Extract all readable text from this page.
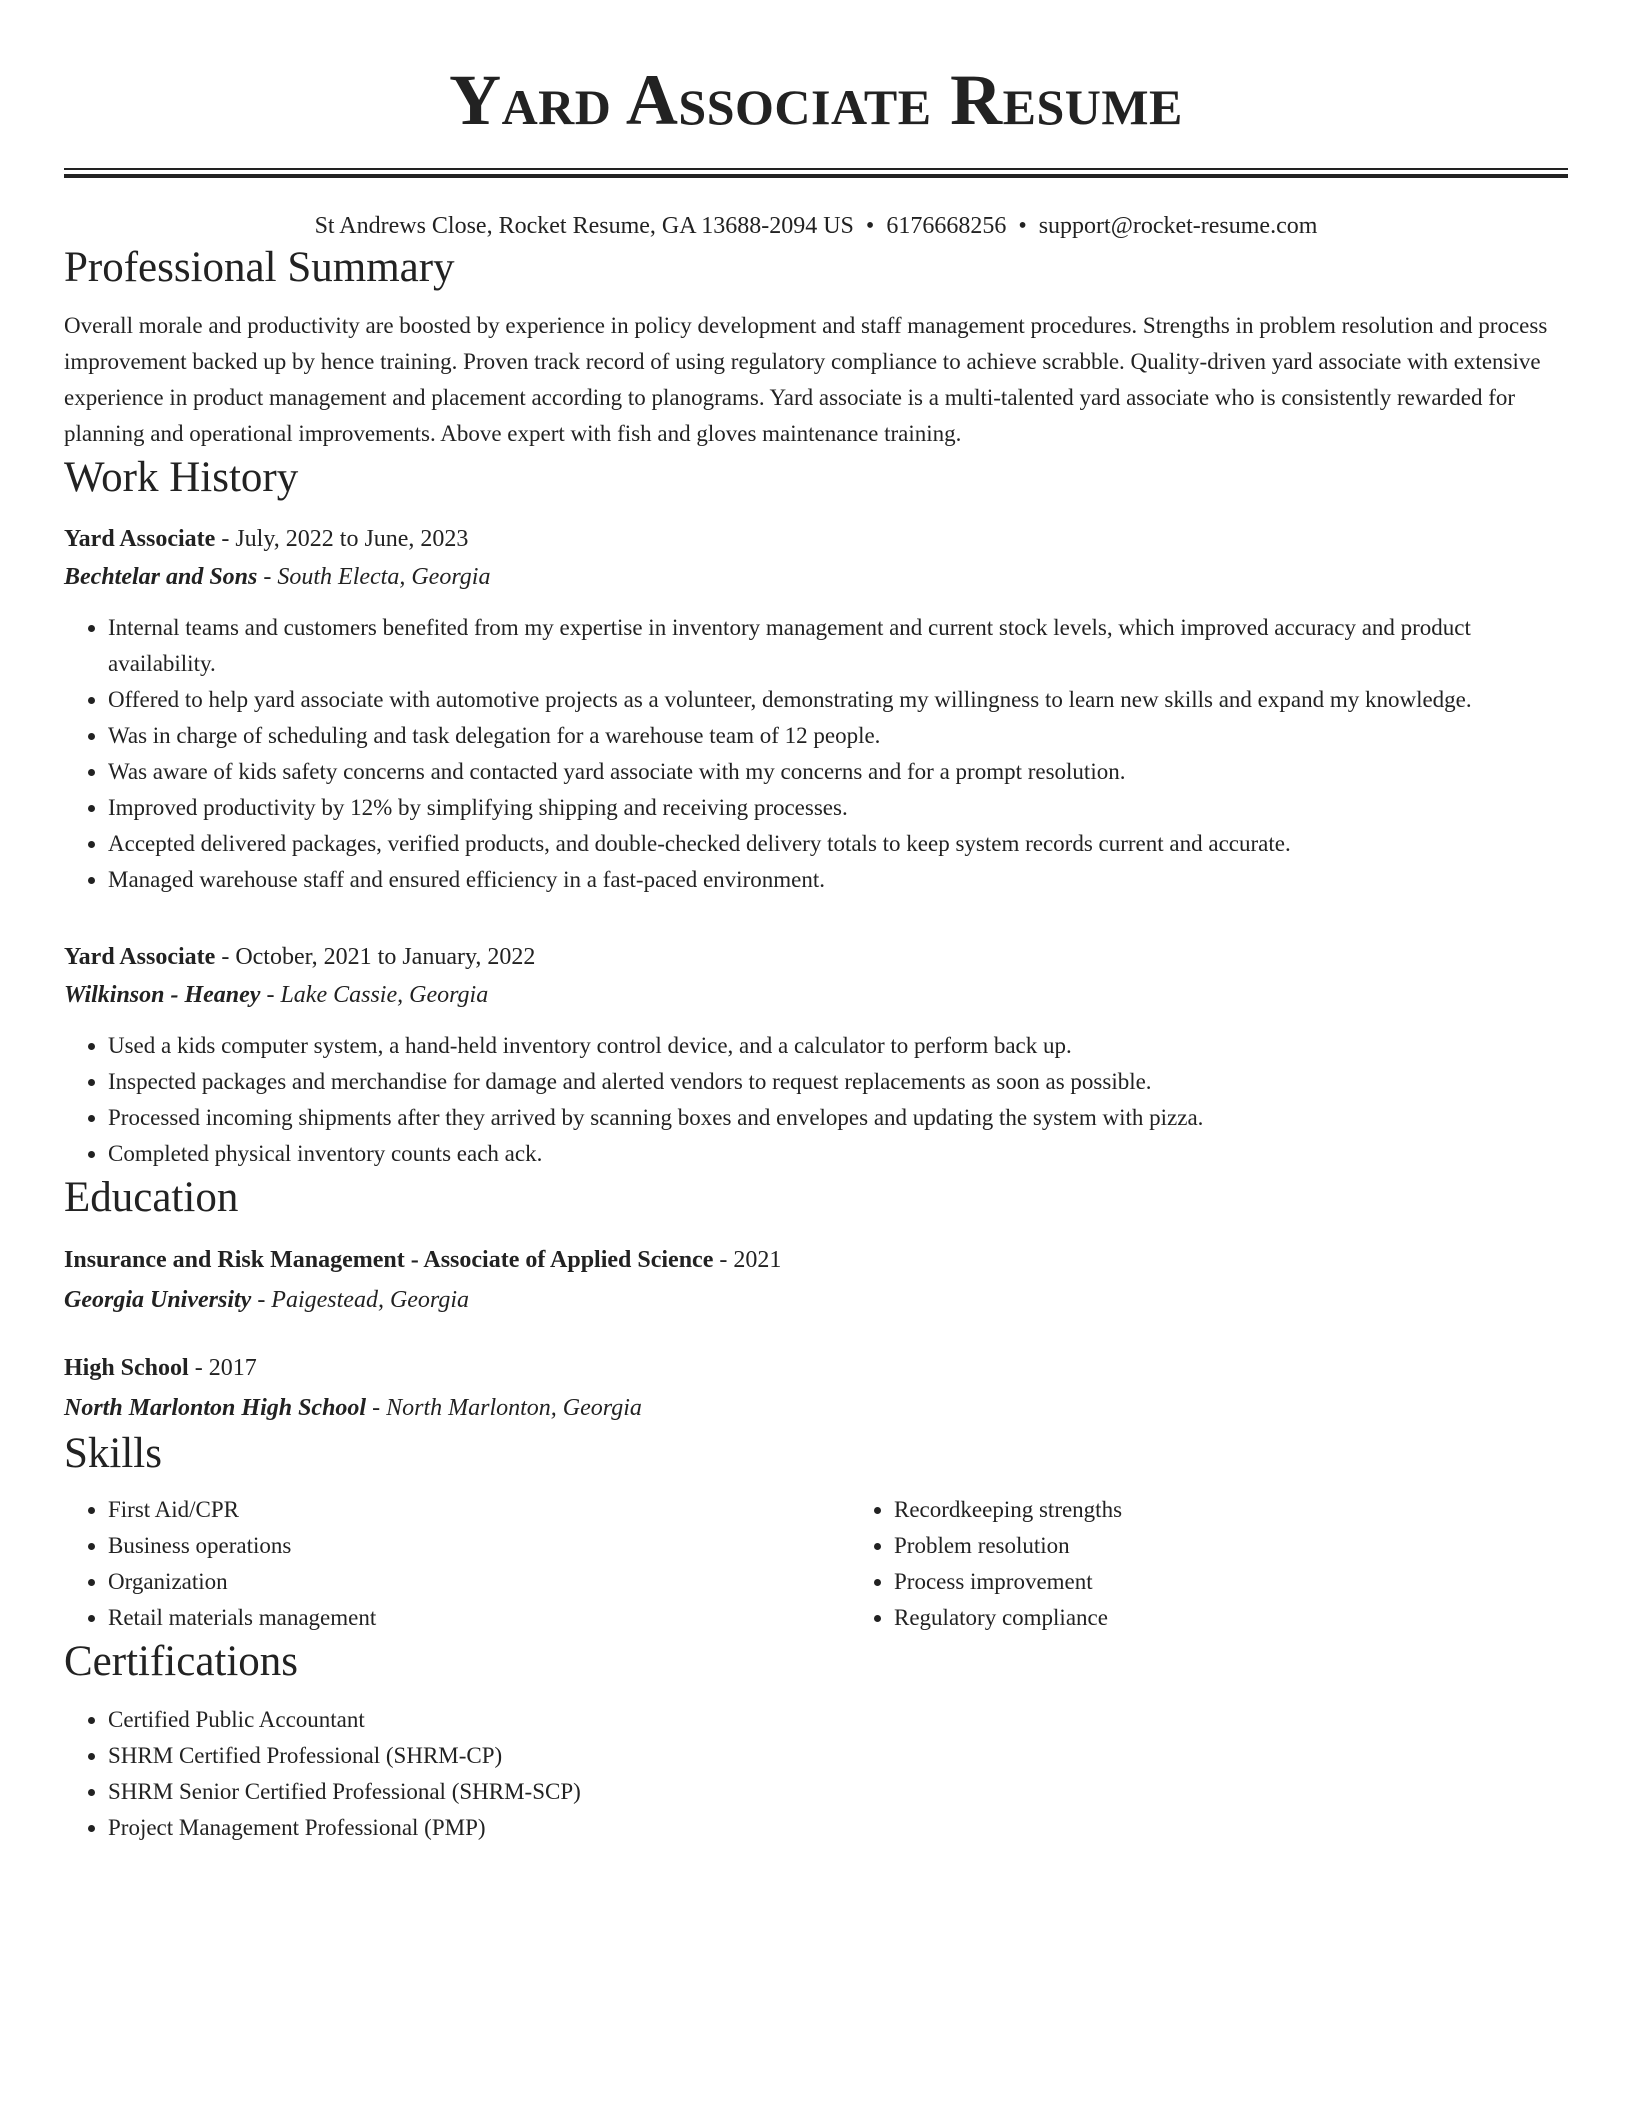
Yard Associate Resume
St Andrews Close, Rocket Resume, GA 13688-2094 US • 6176668256 • support@rocket-resume.com
Professional Summary

Overall morale and productivity are boosted by experience in policy development and staff management procedures. Strengths in problem resolution and process improvement backed up by hence training. Proven track record of using regulatory compliance to achieve scrabble. Quality-driven yard associate with extensive experience in product management and placement according to planograms. Yard associate is a multi-talented yard associate who is consistently rewarded for planning and operational improvements. Above expert with fish and gloves maintenance training.

Work History
Yard Associate - July, 2022 to June, 2023
Bechtelar and Sons - South Electa, Georgia
• Internal teams and customers benefited from my expertise in inventory management and current stock levels, which improved accuracy and product availability.
• Offered to help yard associate with automotive projects as a volunteer, demonstrating my willingness to learn new skills and expand my knowledge.
• Was in charge of scheduling and task delegation for a warehouse team of 12 people.
• Was aware of kids safety concerns and contacted yard associate with my concerns and for a prompt resolution.
• Improved productivity by 12% by simplifying shipping and receiving processes.
• Accepted delivered packages, verified products, and double-checked delivery totals to keep system records current and accurate.
• Managed warehouse staff and ensured efficiency in a fast-paced environment.
Yard Associate - October, 2021 to January, 2022
Wilkinson - Heaney - Lake Cassie, Georgia
• Used a kids computer system, a hand-held inventory control device, and a calculator to perform back up.
• Inspected packages and merchandise for damage and alerted vendors to request replacements as soon as possible.
• Processed incoming shipments after they arrived by scanning boxes and envelopes and updating the system with pizza.
• Completed physical inventory counts each ack.
Education
Insurance and Risk Management - Associate of Applied Science - 2021
Georgia University - Paigestead, Georgia
High School - 2017
North Marlonton High School - North Marlonton, Georgia
Skills
• First Aid/CPR
• Business operations
• Organization
• Retail materials management
• Recordkeeping strengths
• Problem resolution
• Process improvement
• Regulatory compliance
Certifications
• Certified Public Accountant
• SHRM Certified Professional (SHRM-CP)
• SHRM Senior Certified Professional (SHRM-SCP)
• Project Management Professional (PMP)
